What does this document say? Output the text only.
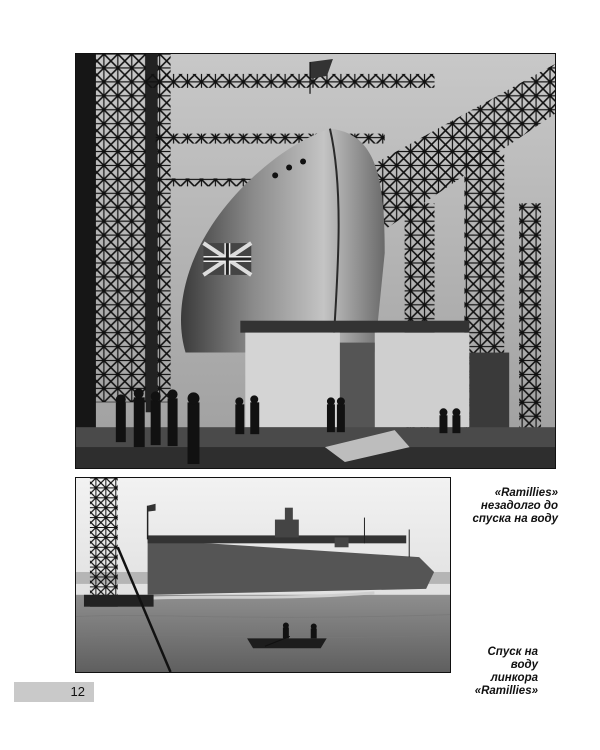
«Ramillies»
незадолго до
спуска на воду
Спуск на воду
линкора
«Ramillies»
12
